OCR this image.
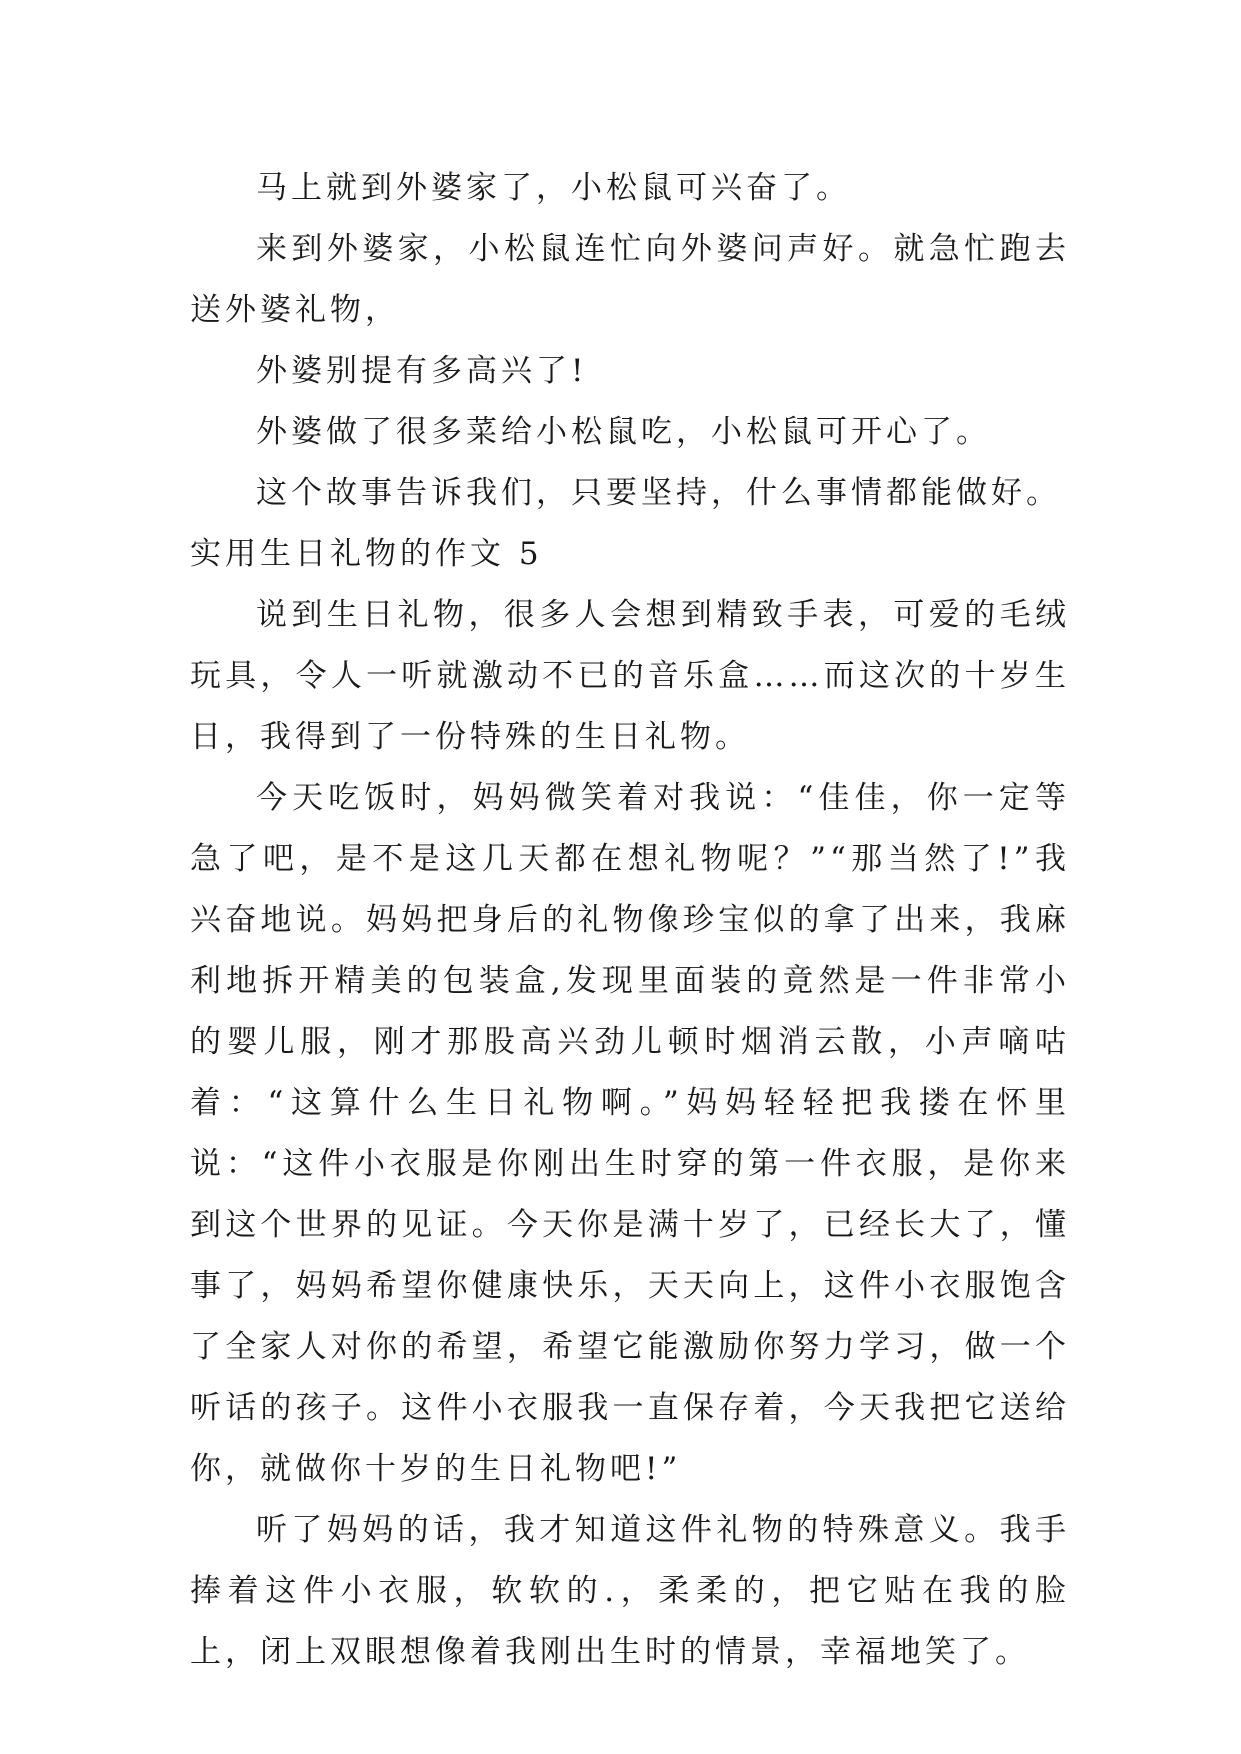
马上就到外婆家了，小松鼠可兴奋了。

来到外婆家，小松鼠连忙向外婆问声好。就急忙跑去送外婆礼物，

外婆别提有多高兴了!

外婆做了很多菜给小松鼠吃，小松鼠可开心了。

这个故事告诉我们，只要坚持，什么事情都能做好。

实用生日礼物的作文 5

说到生日礼物，很多人会想到精致手表，可爱的毛绒玩具，令人一听就激动不已的音乐盒……而这次的十岁生日，我得到了一份特殊的生日礼物。

今天吃饭时，妈妈微笑着对我说：“佳佳，你一定等急了吧，是不是这几天都在想礼物呢？”“那当然了!”我兴奋地说。妈妈把身后的礼物像珍宝似的拿了出来，我麻利地拆开精美的包装盒,发现里面装的竟然是一件非常小的婴儿服，刚才那股高兴劲儿顿时烟消云散，小声嘀咕着：“这算什么生日礼物啊。”妈妈轻轻把我搂在怀里说：“这件小衣服是你刚出生时穿的第一件衣服，是你来到这个世界的见证。今天你是满十岁了，已经长大了，懂事了，妈妈希望你健康快乐，天天向上，这件小衣服饱含了全家人对你的希望，希望它能激励你努力学习，做一个听话的孩子。这件小衣服我一直保存着，今天我把它送给你，就做你十岁的生日礼物吧!”

听了妈妈的话，我才知道这件礼物的特殊意义。我手捧着这件小衣服，软软的.，柔柔的，把它贴在我的脸上，闭上双眼想像着我刚出生时的情景，幸福地笑了。
